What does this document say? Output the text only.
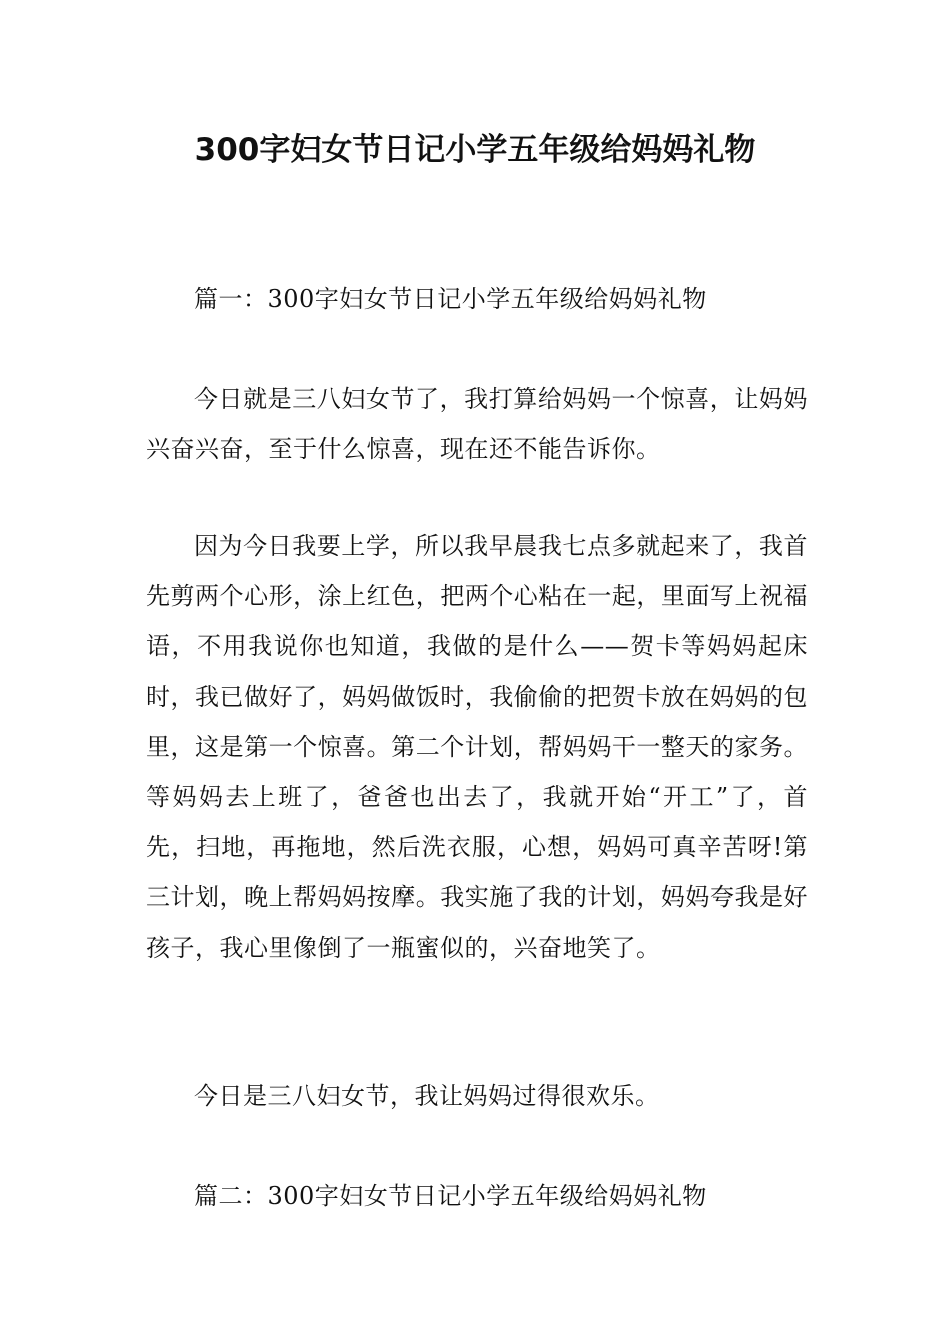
300字妇女节日记小学五年级给妈妈礼物

篇一：300字妇女节日记小学五年级给妈妈礼物

今日就是三八妇女节了，我打算给妈妈一个惊喜，让妈妈兴奋兴奋，至于什么惊喜，现在还不能告诉你。

因为今日我要上学，所以我早晨我七点多就起来了，我首先剪两个心形，涂上红色，把两个心粘在一起，里面写上祝福语，不用我说你也知道，我做的是什么——贺卡等妈妈起床时，我已做好了，妈妈做饭时，我偷偷的把贺卡放在妈妈的包里，这是第一个惊喜。第二个计划，帮妈妈干一整天的家务。等妈妈去上班了，爸爸也出去了，我就开始“开工”了，首先，扫地，再拖地，然后洗衣服，心想，妈妈可真辛苦呀!第三计划，晚上帮妈妈按摩。我实施了我的计划，妈妈夸我是好孩子，我心里像倒了一瓶蜜似的，兴奋地笑了。

今日是三八妇女节，我让妈妈过得很欢乐。

篇二：300字妇女节日记小学五年级给妈妈礼物
